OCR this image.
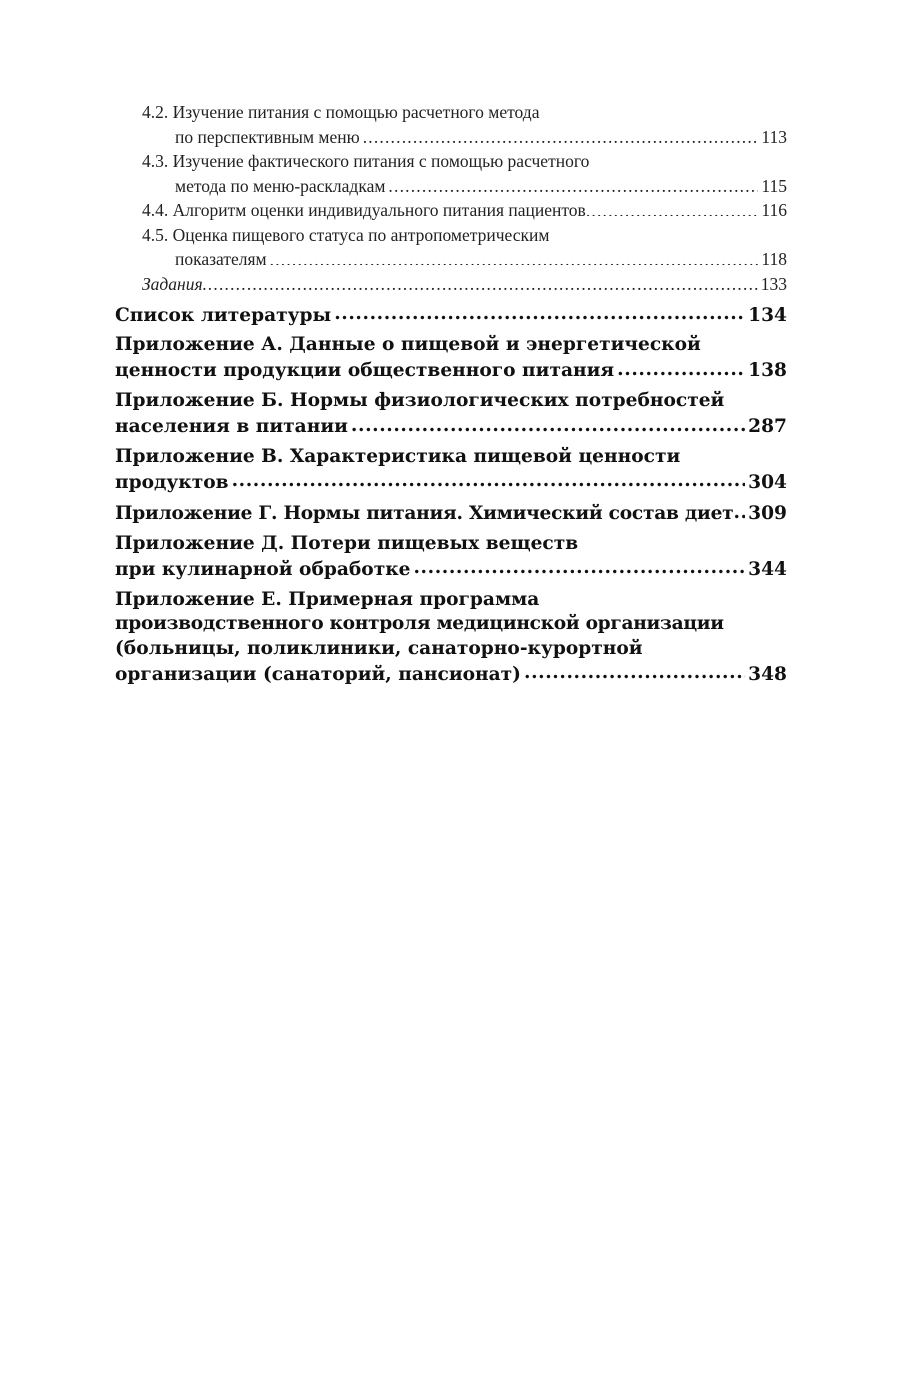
4.2. Изучение питания с помощью расчетного метода
по перспективным меню .....	113
4.3. Изучение фактического питания с помощью расчетного
метода по меню-раскладкам .....	115
4.4. Алгоритм оценки индивидуального питания пациентов .....	116
4.5. Оценка пищевого статуса по антропометрическим
показателям .....	118
Задания .....	133
Список литературы .....	134
Приложение А. Данные о пищевой и энергетической
ценности продукции общественного питания .....	138
Приложение Б. Нормы физиологических потребностей
населения в питании .....	287
Приложение В. Характеристика пищевой ценности
продуктов .....	304
Приложение Г. Нормы питания. Химический состав диет ..... 309
Приложение Д. Потери пищевых веществ
при кулинарной обработке .....	344
Приложение Е. Примерная программа
производственного контроля медицинской организации
(больницы, поликлиники, санаторно-курортной
организации (санаторий, пансионат) .....	348
